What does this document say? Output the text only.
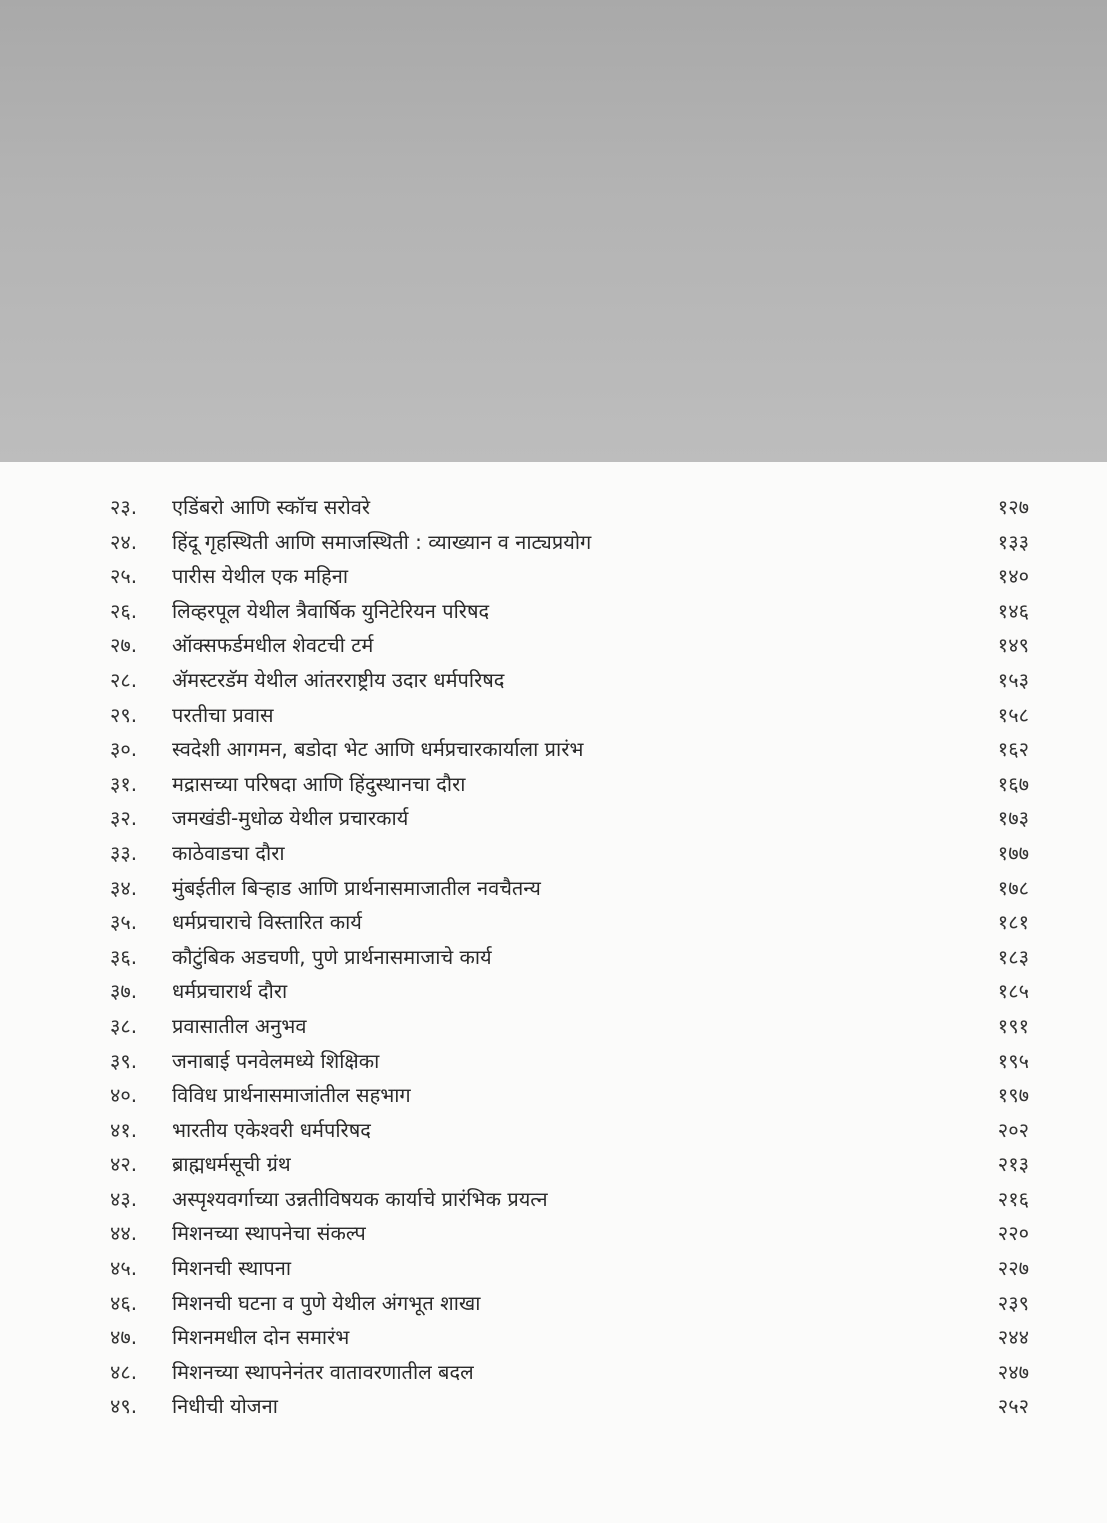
२३.	एडिंबरो आणि स्कॉच सरोवरे	१२७
२४.	हिंदू गृहस्थिती आणि समाजस्थिती : व्याख्यान व नाट्यप्रयोग	१३३
२५.	पारीस येथील एक महिना	१४०
२६.	लिव्हरपूल येथील त्रैवार्षिक युनिटेरियन परिषद	१४६
२७.	ऑक्सफर्डमधील शेवटची टर्म	१४९
२८.	ॲमस्टरडॅम येथील आंतरराष्ट्रीय उदार धर्मपरिषद	१५३
२९.	परतीचा प्रवास	१५८
३०.	स्वदेशी आगमन, बडोदा भेट आणि धर्मप्रचारकार्याला प्रारंभ	१६२
३१.	मद्रासच्या परिषदा आणि हिंदुस्थानचा दौरा	१६७
३२.	जमखंडी-मुधोळ येथील प्रचारकार्य	१७३
३३.	काठेवाडचा दौरा	१७७
३४.	मुंबईतील बिऱ्हाड आणि प्रार्थनासमाजातील नवचैतन्य	१७८
३५.	धर्मप्रचाराचे विस्तारित कार्य	१८१
३६.	कौटुंबिक अडचणी, पुणे प्रार्थनासमाजाचे कार्य	१८३
३७.	धर्मप्रचारार्थ दौरा	१८५
३८.	प्रवासातील अनुभव	१९१
३९.	जनाबाई पनवेलमध्ये शिक्षिका	१९५
४०.	विविध प्रार्थनासमाजांतील सहभाग	१९७
४१.	भारतीय एकेश्वरी धर्मपरिषद	२०२
४२.	ब्राह्मधर्मसूची ग्रंथ	२१३
४३.	अस्पृश्यवर्गाच्या उन्नतीविषयक कार्याचे प्रारंभिक प्रयत्न	२१६
४४.	मिशनच्या स्थापनेचा संकल्प	२२०
४५.	मिशनची स्थापना	२२७
४६.	मिशनची घटना व पुणे येथील अंगभूत शाखा	२३९
४७.	मिशनमधील दोन समारंभ	२४४
४८.	मिशनच्या स्थापनेनंतर वातावरणातील बदल	२४७
४९.	निधीची योजना	२५२
